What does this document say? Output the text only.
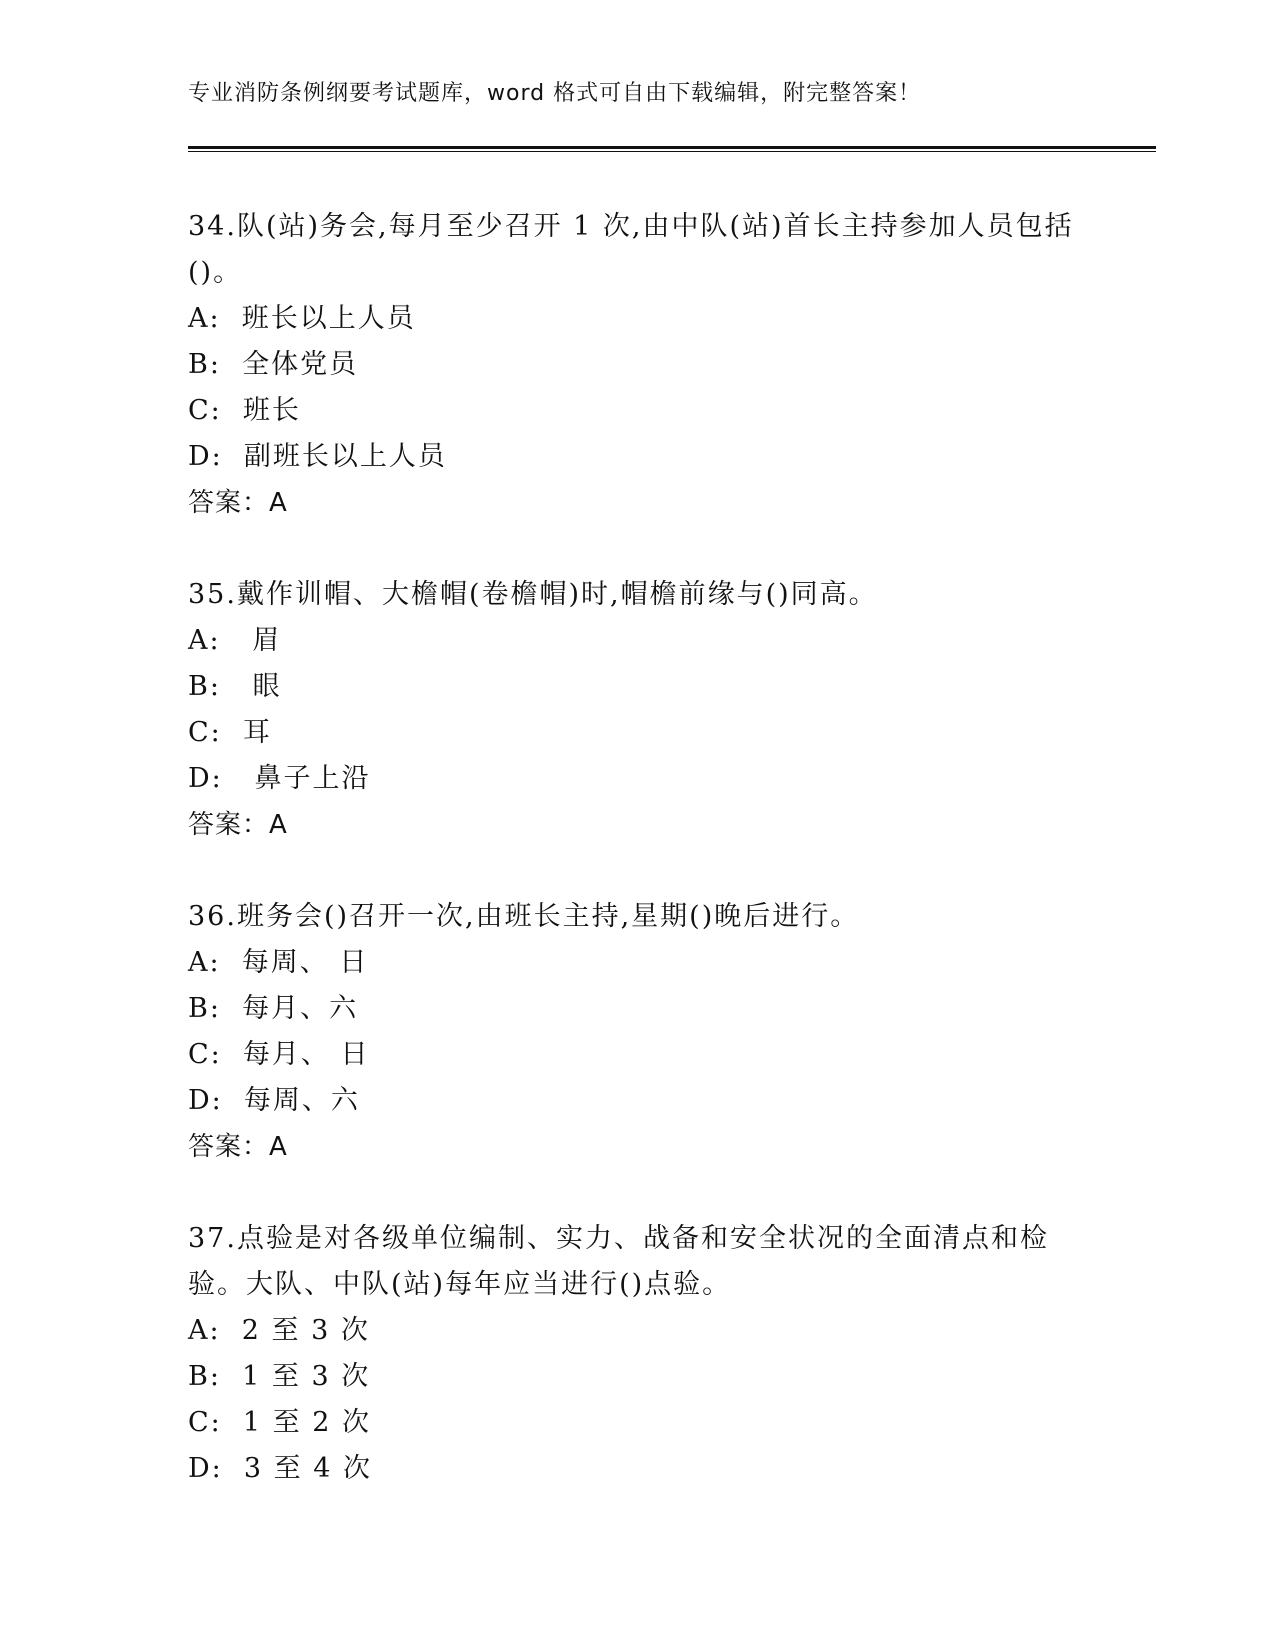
专业消防条例纲要考试题库，word 格式可自由下载编辑，附完整答案！
34.队(站)务会,每月至少召开 1 次,由中队(站)首长主持参加人员包括()。
A:  班长以上人员
B:  全体党员
C:  班长
D:  副班长以上人员
答案：A
35.戴作训帽、大檐帽(卷檐帽)时,帽檐前缘与()同高。
A:   眉
B:   眼
C:  耳
D:   鼻子上沿
答案：A
36.班务会()召开一次,由班长主持,星期()晚后进行。
A:  每周、 日
B:  每月、六
C:  每月、 日
D:  每周、六
答案：A
37.点验是对各级单位编制、实力、战备和安全状况的全面清点和检验。大队、中队(站)每年应当进行()点验。
A:  2 至 3 次
B:  1 至 3 次
C:  1 至 2 次
D:  3 至 4 次
